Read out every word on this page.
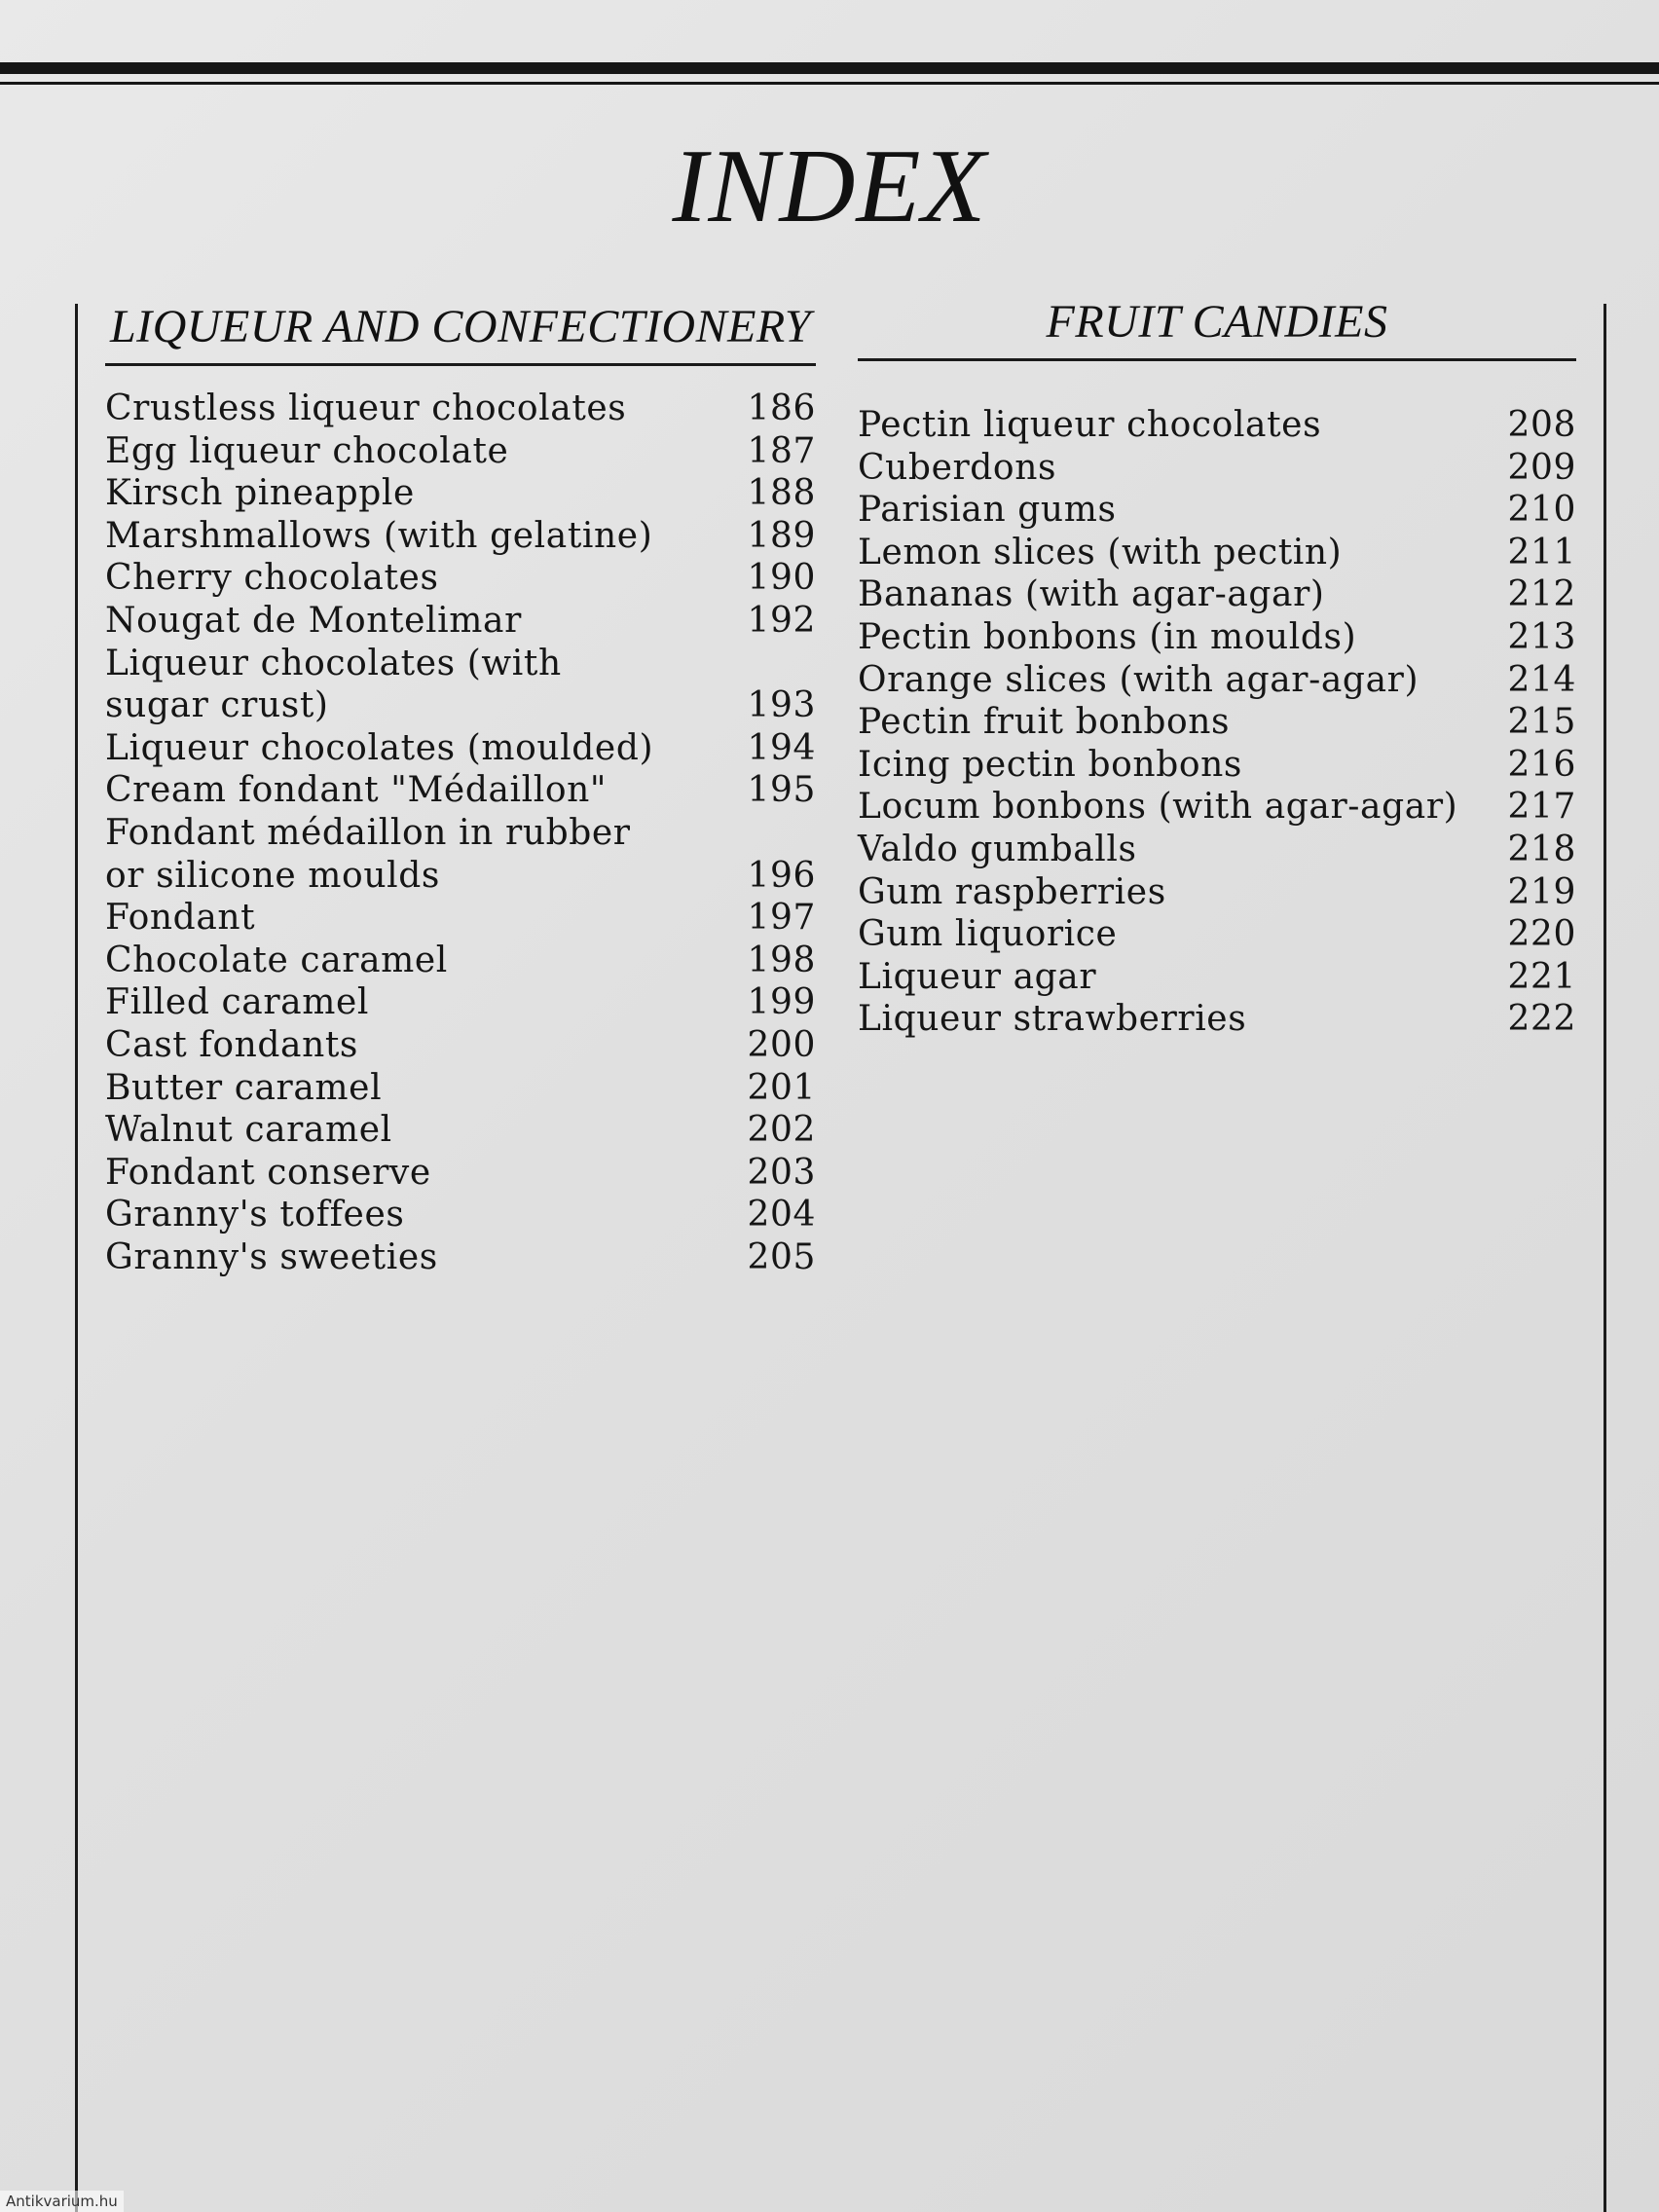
INDEX
LIQUEUR AND CONFECTIONERY
Crustless liqueur chocolates	186
Egg liqueur chocolate	187
Kirsch pineapple	188
Marshmallows (with gelatine)	189
Cherry chocolates	190
Nougat de Montelimar	192
Liqueur chocolates (with
sugar crust)	193
Liqueur chocolates (moulded)	194
Cream fondant "Médaillon"	195
Fondant médaillon in rubber
or silicone moulds	196
Fondant	197
Chocolate caramel	198
Filled caramel	199
Cast fondants	200
Butter caramel	201
Walnut caramel	202
Fondant conserve	203
Granny's toffees	204
Granny's sweeties	205
FRUIT CANDIES
Pectin liqueur chocolates	208
Cuberdons	209
Parisian gums	210
Lemon slices (with pectin)	211
Bananas (with agar-agar)	212
Pectin bonbons (in moulds)	213
Orange slices (with agar-agar)	214
Pectin fruit bonbons	215
Icing pectin bonbons	216
Locum bonbons (with agar-agar) 217
Valdo gumballs	218
Gum raspberries	219
Gum liquorice	220
Liqueur agar	221
Liqueur strawberries	222
Antikvarium.hu
